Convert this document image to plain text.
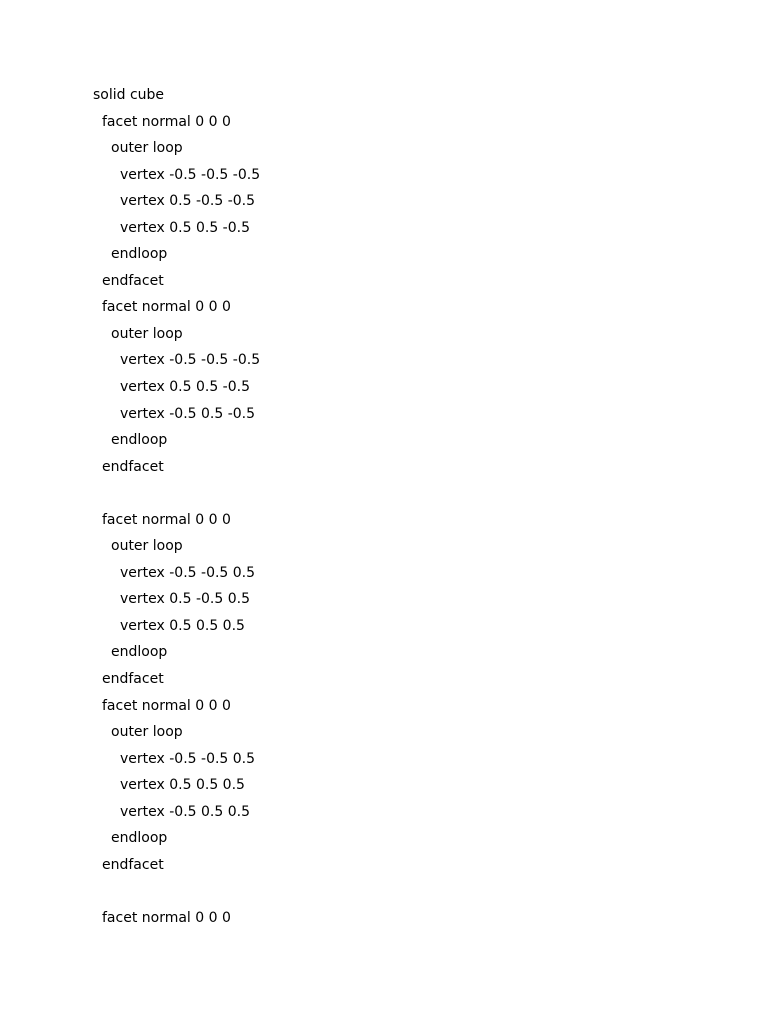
solid cube
facet normal 0 0 0
outer loop
vertex -0.5 -0.5 -0.5
vertex 0.5 -0.5 -0.5
vertex 0.5 0.5 -0.5
endloop
endfacet
facet normal 0 0 0
outer loop
vertex -0.5 -0.5 -0.5
vertex 0.5 0.5 -0.5
vertex -0.5 0.5 -0.5
endloop
endfacet
facet normal 0 0 0
outer loop
vertex -0.5 -0.5 0.5
vertex 0.5 -0.5 0.5
vertex 0.5 0.5 0.5
endloop
endfacet
facet normal 0 0 0
outer loop
vertex -0.5 -0.5 0.5
vertex 0.5 0.5 0.5
vertex -0.5 0.5 0.5
endloop
endfacet
facet normal 0 0 0
